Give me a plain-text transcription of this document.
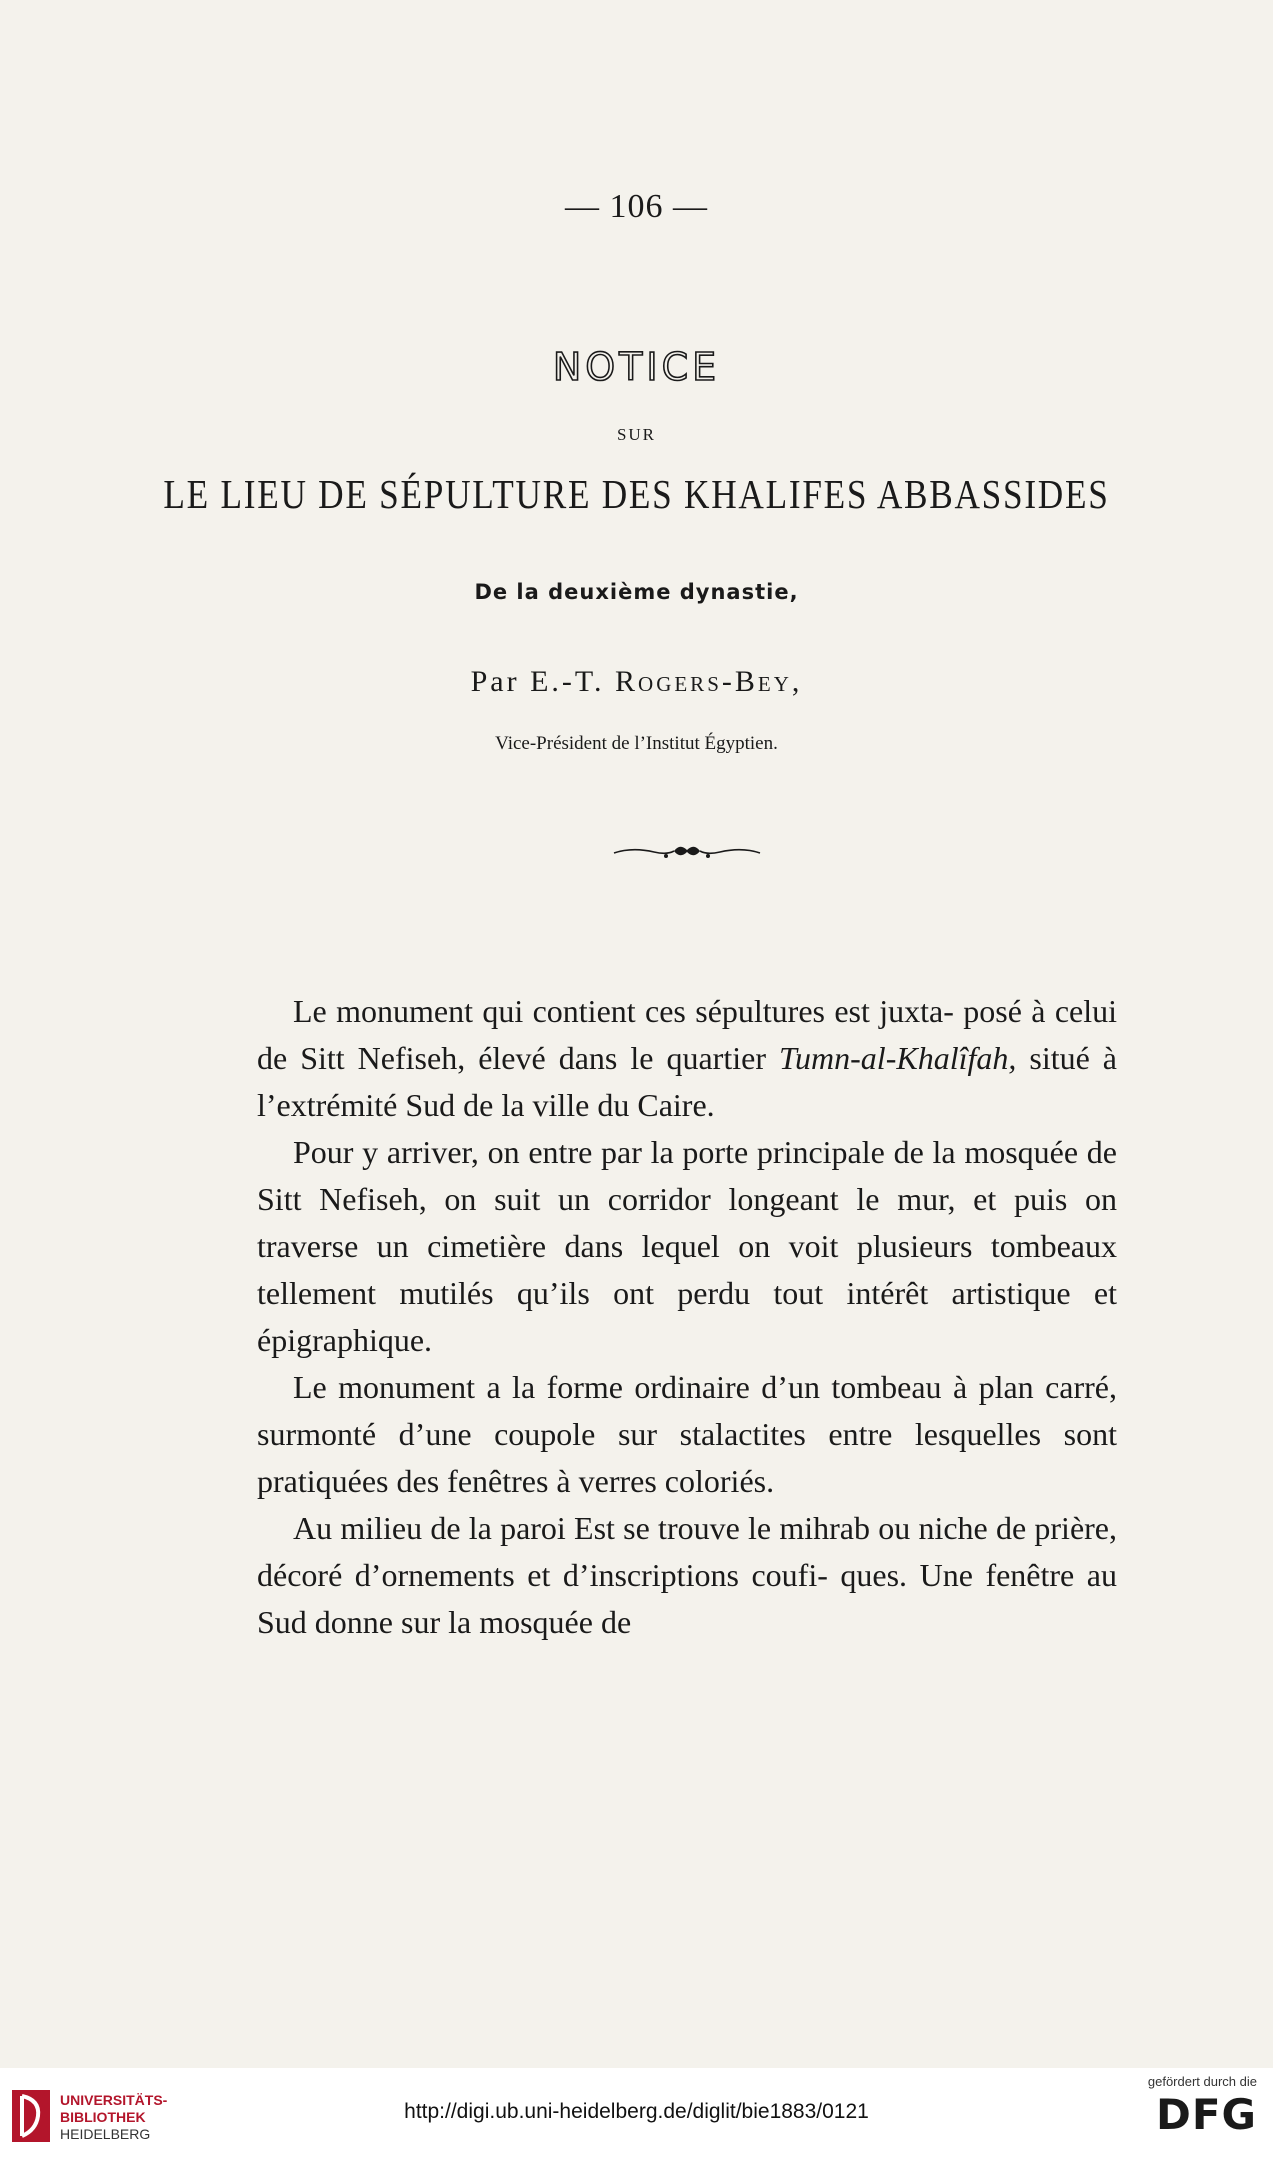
— 106 —
NOTICE
SUR
LE LIEU DE SÉPULTURE DES KHALIFES ABBASSIDES
De la deuxième dynastie,
Par E.-T. Rogers-Bey,
Vice-Président de l’Institut Égyptien.

Le monument qui contient ces sépultures est juxta- posé à celui de Sitt Nefiseh, élevé dans le quartier Tumn-al-Khalîfah, situé à l’extrémité Sud de la ville du Caire.

Pour y arriver, on entre par la porte principale de la mosquée de Sitt Nefiseh, on suit un corridor longeant le mur, et puis on traverse un cimetière dans lequel on voit plusieurs tombeaux tellement mutilés qu’ils ont perdu tout intérêt artistique et épigraphique.

Le monument a la forme ordinaire d’un tombeau à plan carré, surmonté d’une coupole sur stalactites entre lesquelles sont pratiquées des fenêtres à verres coloriés.

Au milieu de la paroi Est se trouve le mihrab ou niche de prière, décoré d’ornements et d’inscriptions coufi- ques. Une fenêtre au Sud donne sur la mosquée de

UNIVERSITÄTS-
BIBLIOTHEK
HEIDELBERG
http://digi.ub.uni-heidelberg.de/diglit/bie1883/0121
gefördert durch die
DFG
